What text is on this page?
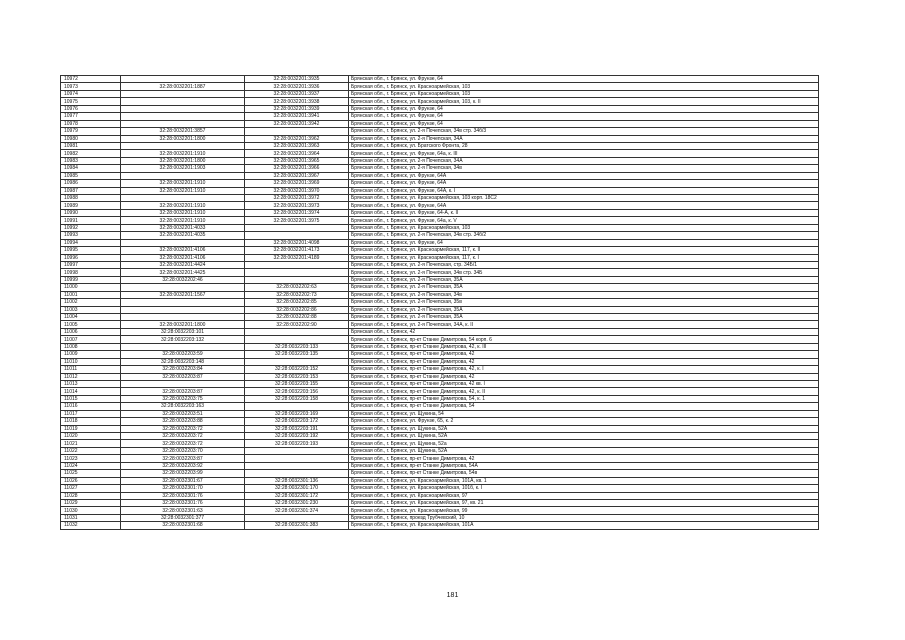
10972		32:28:0032201:3935	Брянская обл., г. Брянск, ул. Фрунзе, 64
10973	32:28:0032201:1887	32:28:0032201:3936	Брянская обл., г. Брянск, ул. Красноармейская, 103
10974		32:28:0032201:3937	Брянская обл., г. Брянск, ул. Красноармейская, 103
10975		32:28:0032201:3938	Брянская обл., г. Брянск, ул. Красноармейская, 103, к. II
10976		32:28:0032201:3939	Брянская обл., г. Брянск, ул. Фрунзе, 64
10977		32:28:0032201:3941	Брянская обл., г. Брянск, ул. Фрунзе, 64
10978		32:28:0032201:3942	Брянская обл., г. Брянск, ул. Фрунзе, 64
10979	32:28:0032201:3857		Брянская обл., г. Брянск, ул. 2-я Почепская, 34в стр. 34б/3
10980	32:28:0032201:1800	32:28:0032201:3962	Брянская обл., г. Брянск, ул. 2-я Почепская, 34А
10981		32:28:0032201:3963	Брянская обл., г. Брянск, ул. Братского Фронта, 28
10982	32:28:0032201:1910	32:28:0032201:3964	Брянская обл., г. Брянск, ул. Фрунзе, 64а, к. III
10983	32:28:0032201:1800	32:28:0032201:3965	Брянская обл., г. Брянск, ул. 2-я Почепская, 34А
10984	32:28:0032201:1903	32:28:0032201:3966	Брянская обл., г. Брянск, ул. 2-я Почепская, 34в
10985		32:28:0032201:3967	Брянская обл., г. Брянск, ул. Фрунзе, 64А
10986	32:28:0032201:1910	32:28:0032201:3969	Брянская обл., г. Брянск, ул. Фрунзе, 64А
10987	32:28:0032201:1910	32:28:0032201:3970	Брянская обл., г. Брянск, ул. Фрунзе, 64А, к. I
10988		32:28:0032201:3972	Брянская обл., г. Брянск, ул. Красноармейская, 103 корп. 18С2
10989	32:28:0032201:1910	32:28:0032201:3973	Брянская обл., г. Брянск, ул. Фрунзе, 64А
10990	32:28:0032201:1910	32:28:0032201:3974	Брянская обл., г. Брянск, ул. Фрунзе, 64-А, к. II
10991	32:28:0032201:1910	32:28:0032201:3975	Брянская обл., г. Брянск, ул. Фрунзе, 64а, к. V
10992	32:28:0032201:4033		Брянская обл., г. Брянск, ул. Красноармейская, 103
10993	32:28:0032201:4035		Брянская обл., г. Брянск, ул. 2-я Почепская, 34в стр. 34б/2
10994		32:28:0032201:4098	Брянская обл., г. Брянск, ул. Фрунзе, 64
10995	32:28:0032201:4106	32:28:0032201:4173	Брянская обл., г. Брянск, ул. Красноармейская, 117, к. II
10996	32:28:0032201:4106	32:28:0032201:4189	Брянская обл., г. Брянск, ул. Красноармейская, 117, к. I
10997	32:28:0032201:4424		Брянская обл., г. Брянск, ул. 2-я Почепская, стр. 34Б/1
10998	32:28:0032201:4425		Брянская обл., г. Брянск, ул. 2-я Почепская, 34в стр. 34Б
10999	32:28:0032202:46		Брянская обл., г. Брянск, ул. 2-я Почепская, 35А
11000		32:28:0032202:63	Брянская обл., г. Брянск, ул. 2-я Почепская, 35А
11001	32:28:0032201:1567	32:28:0032202:73	Брянская обл., г. Брянск, ул. 2-я Почепская, 34в
11002		32:28:0032202:85	Брянская обл., г. Брянск, ул. 2-я Почепская, 35в
11003		32:28:0032202:86	Брянская обл., г. Брянск, ул. 2-я Почепская, 35А
11004		32:28:0032202:88	Брянская обл., г. Брянск, ул. 2-я Почепская, 35А
11005	32:28:0032201:1800	32:28:0032202:90	Брянская обл., г. Брянск, ул. 2-я Почепская, 34А, к. II
11006	32:28:0032203:101		Брянская обл., г. Брянск, 42
11007	32:28:0032203:132		Брянская обл., г. Брянск, пр-кт Станке Димитрова, 54 корп. 6
11008		32:28:0032203:133	Брянская обл., г. Брянск, пр-кт Станке Димитрова, 42, к. III
11009	32:28:0032203:59	32:28:0032203:135	Брянская обл., г. Брянск, пр-кт Станке Димитрова, 42
11010	32:28:0032203:148		Брянская обл., г. Брянск, пр-кт Станке Димитрова, 42
11011	32:28:0032203:84	32:28:0032203:152	Брянская обл., г. Брянск, пр-кт Станке Димитрова, 42, к. I
11012	32:28:0032203:87	32:28:0032203:153	Брянская обл., г. Брянск, пр-кт Станке Димитрова, 42
11013		32:28:0032203:155	Брянская обл., г. Брянск, пр-кт Станке Димитрова, 42 кв. I
11014	32:28:0032203:87	32:28:0032203:156	Брянская обл., г. Брянск, пр-кт Станке Димитрова, 42, к. II
11015	32:28:0032203:75	32:28:0032203:158	Брянская обл., г. Брянск, пр-кт Станке Димитрова, 54, к. 1
11016	32:28:0032203:163		Брянская обл., г. Брянск, пр-кт Станке Димитрова, 54
11017	32:28:0032203:51	32:28:0032203:169	Брянская обл., г. Брянск, ул. Щукина, 54
11018	32:28:0032203:88	32:28:0032203:172	Брянская обл., г. Брянск, ул. Фрунзе, 65, к. 2
11019	32:28:0032203:72	32:28:0032203:191	Брянская обл., г. Брянск, ул. Щукина, 52А
11020	32:28:0032203:72	32:28:0032203:192	Брянская обл., г. Брянск, ул. Щукина, 52А
11021	32:28:0032203:72	32:28:0032203:193	Брянская обл., г. Брянск, ул. Щукина, 52а
11022	32:28:0032203:70		Брянская обл., г. Брянск, ул. Щукина, 52А
11023	32:28:0032203:87		Брянская обл., г. Брянск, пр-кт Станке Димитрова, 42
11024	32:28:0032203:92		Брянская обл., г. Брянск, пр-кт Станке Димитрова, 54А
11025	32:28:0032203:99		Брянская обл., г. Брянск, пр-кт Станке Димитрова, 54в
11026	32:28:0032301:67	32:28:0032301:136	Брянская обл., г. Брянск, ул. Красноармейская, 101А, кв. 1
11027	32:28:0032301:70	32:28:0032301:170	Брянская обл., г. Брянск, ул. Красноармейская, 101б, к. I
11028	32:28:0032301:76	32:28:0032301:172	Брянская обл., г. Брянск, ул. Красноармейская, 97
11029	32:28:0032301:76	32:28:0032301:230	Брянская обл., г. Брянск, ул. Красноармейская, 97, кв. 21
11030	32:28:0032301:63	32:28:0032301:374	Брянская обл., г. Брянск, ул. Красноармейская, 99
11031	32:28:0032301:377		Брянская обл., г. Брянск, проезд Трубчевский, 10
11032	32:28:0032301:68	32:28:0032301:383	Брянская обл., г. Брянск, ул. Красноармейская, 101А
181
